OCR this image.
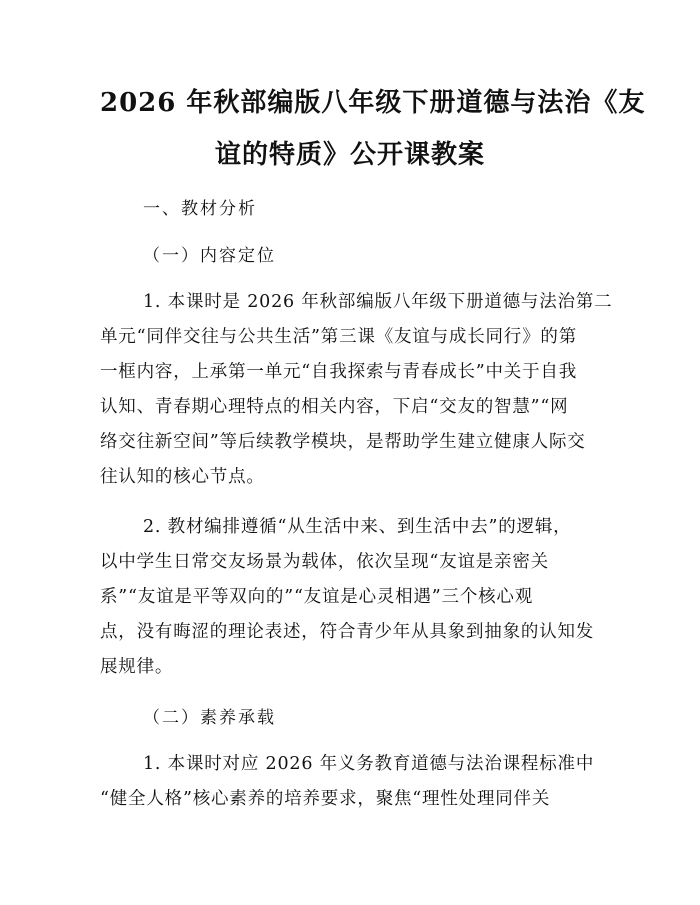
2026 年秋部编版八年级下册道德与法治《友
谊的特质》公开课教案
一、教材分析
（一）内容定位
1. 本课时是 2026 年秋部编版八年级下册道德与法治第二
单元“同伴交往与公共生活”第三课《友谊与成长同行》的第
一框内容，上承第一单元“自我探索与青春成长”中关于自我
认知、青春期心理特点的相关内容，下启“交友的智慧”“网
络交往新空间”等后续教学模块，是帮助学生建立健康人际交
往认知的核心节点。
2. 教材编排遵循“从生活中来、到生活中去”的逻辑，
以中学生日常交友场景为载体，依次呈现“友谊是亲密关
系”“友谊是平等双向的”“友谊是心灵相遇”三个核心观
点，没有晦涩的理论表述，符合青少年从具象到抽象的认知发
展规律。
（二）素养承载
1. 本课时对应 2026 年义务教育道德与法治课程标准中
“健全人格”核心素养的培养要求，聚焦“理性处理同伴关
